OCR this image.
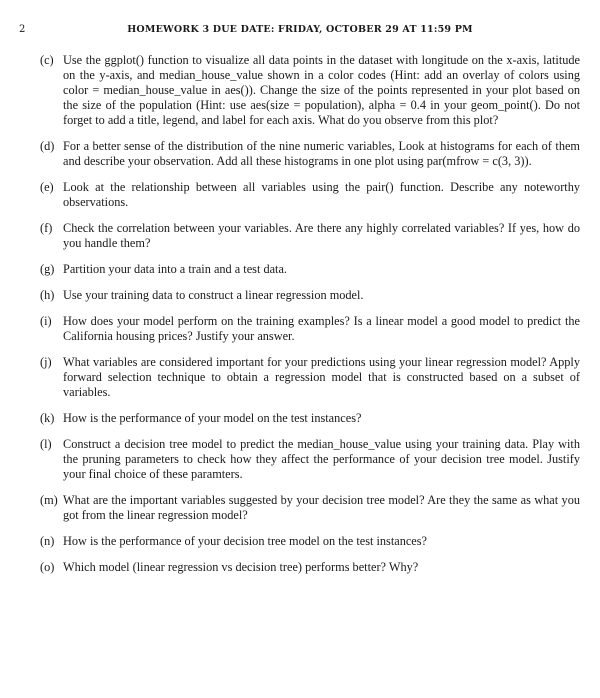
2	HOMEWORK 3 DUE DATE: FRIDAY, OCTOBER 29 AT 11:59 PM
(c) Use the ggplot() function to visualize all data points in the dataset with longitude on the x-axis, latitude on the y-axis, and median_house_value shown in a color codes (Hint: add an overlay of colors using color = median_house_value in aes()). Change the size of the points represented in your plot based on the size of the population (Hint: use aes(size = population), alpha = 0.4 in your geom_point(). Do not forget to add a title, legend, and label for each axis. What do you observe from this plot?
(d) For a better sense of the distribution of the nine numeric variables, Look at histograms for each of them and describe your observation. Add all these histograms in one plot using par(mfrow = c(3, 3)).
(e) Look at the relationship between all variables using the pair() function. Describe any noteworthy observations.
(f) Check the correlation between your variables. Are there any highly correlated variables? If yes, how do you handle them?
(g) Partition your data into a train and a test data.
(h) Use your training data to construct a linear regression model.
(i) How does your model perform on the training examples? Is a linear model a good model to predict the California housing prices? Justify your answer.
(j) What variables are considered important for your predictions using your linear regression model? Apply forward selection technique to obtain a regression model that is constructed based on a subset of variables.
(k) How is the performance of your model on the test instances?
(l) Construct a decision tree model to predict the median_house_value using your training data. Play with the pruning parameters to check how they affect the performance of your decision tree model. Justify your final choice of these paramters.
(m) What are the important variables suggested by your decision tree model? Are they the same as what you got from the linear regression model?
(n) How is the performance of your decision tree model on the test instances?
(o) Which model (linear regression vs decision tree) performs better? Why?
